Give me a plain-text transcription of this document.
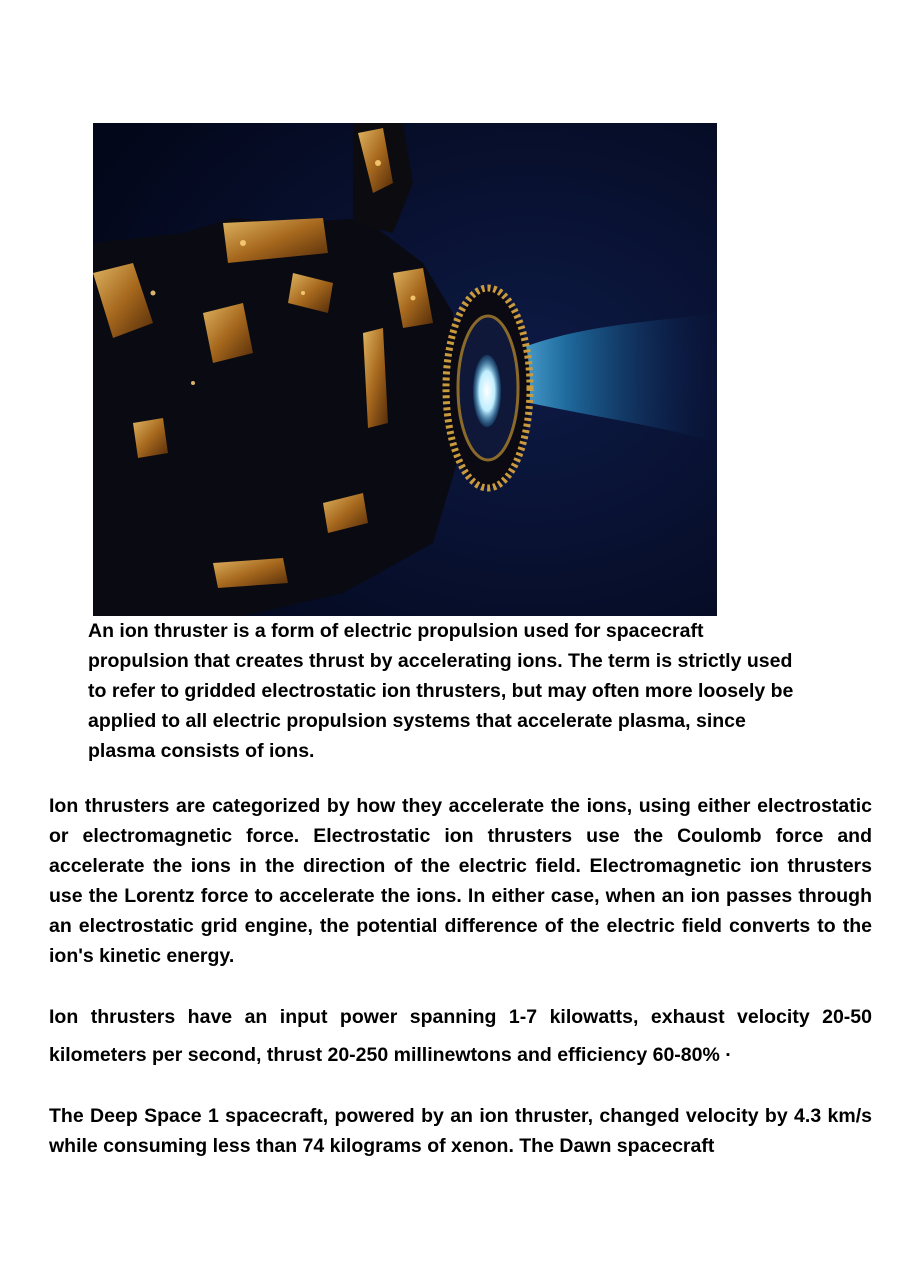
An ion thruster is a form of electric propulsion used for spacecraft
propulsion that creates thrust by accelerating ions. The term is strictly used
to refer to gridded electrostatic ion thrusters, but may often more loosely be
applied to all electric propulsion systems that accelerate plasma, since
plasma consists of ions.

Ion thrusters are categorized by how they accelerate the ions, using either electrostatic or electromagnetic force. Electrostatic ion thrusters use the Coulomb force and accelerate the ions in the direction of the electric field. Electromagnetic ion thrusters use the Lorentz force to accelerate the ions. In either case, when an ion passes through an electrostatic grid engine, the potential difference of the electric field converts to the ion's kinetic energy.

Ion thrusters have an input power spanning 1-7 kilowatts, exhaust velocity 20-50 kilometers per second, thrust 20-250 millinewtons and efficiency 60-80% ·

The Deep Space 1 spacecraft, powered by an ion thruster, changed velocity by 4.3 km/s while consuming less than 74 kilograms of xenon. The Dawn spacecraft
